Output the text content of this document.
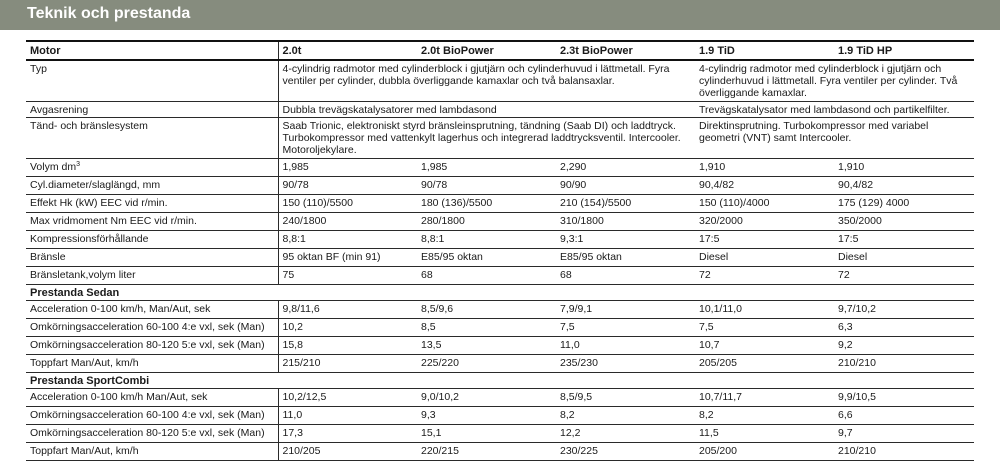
Teknik och prestanda
Motor	2.0t	2.0t BioPower	2.3t BioPower	1.9 TiD	1.9 TiD HP
Typ	4-cylindrig radmotor med cylinderblock i gjutjärn och cylinderhuvud i lättmetall. Fyra ventiler per cylinder, dubbla överliggande kamaxlar och två balansaxlar.			4-cylindrig radmotor med cylinderblock i gjutjärn och cylinderhuvud i lättmetall. Fyra ventiler per cylinder. Två överliggande kamaxlar.	
Avgasrening	Dubbla trevägskatalysatorer med lambdasond			Trevägskatalysator med lambdasond och partikelfilter.	
Tänd- och bränslesystem	Saab Trionic, elektroniskt styrd bränsleinsprutning, tändning (Saab DI) och laddtryck. Turbokompressor med vattenkylt lagerhus och integrerad laddtrycksventil. Intercooler. Motoroljekylare.			Direktinsprutning. Turbokompressor med variabel geometri (VNT) samt Intercooler.	
Volym $dm^3$	1,985	1,985	2,290	1,910	1,910
Cyl.diameter/slaglängd, mm	90/78	90/78	90/90	90,4/82	90,4/82
Effekt Hk (kW) EEC vid r/min.	150 (110)/5500	180 (136)/5500	210 (154)/5500	150 (110)/4000	175 (129) 4000
Max vridmoment Nm EEC vid r/min.	240/1800	280/1800	310/1800	320/2000	350/2000
Kompressionsförhållande	8,8:1	8,8:1	9,3:1	17:5	17:5
Bränsle	95 oktan BF (min 91)	E85/95 oktan	E85/95 oktan	Diesel	Diesel
Bränsletank,volym liter	75	68	68	72	72
Prestanda Sedan					
Acceleration 0-100 km/h, Man/Aut, sek	9,8/11,6	8,5/9,6	7,9/9,1	10,1/11,0	9,7/10,2
Omkörningsacceleration 60-100 4:e vxl, sek (Man)	10,2	8,5	7,5	7,5	6,3
Omkörningsacceleration 80-120 5:e vxl, sek (Man)	15,8	13,5	11,0	10,7	9,2
Toppfart Man/Aut, km/h	215/210	225/220	235/230	205/205	210/210
Prestanda SportCombi					
Acceleration 0-100 km/h Man/Aut, sek	10,2/12,5	9,0/10,2	8,5/9,5	10,7/11,7	9,9/10,5
Omkörningsacceleration 60-100 4:e vxl, sek (Man)	11,0	9,3	8,2	8,2	6,6
Omkörningsacceleration 80-120 5:e vxl, sek (Man)	17,3	15,1	12,2	11,5	9,7
Toppfart Man/Aut, km/h	210/205	220/215	230/225	205/200	210/210
